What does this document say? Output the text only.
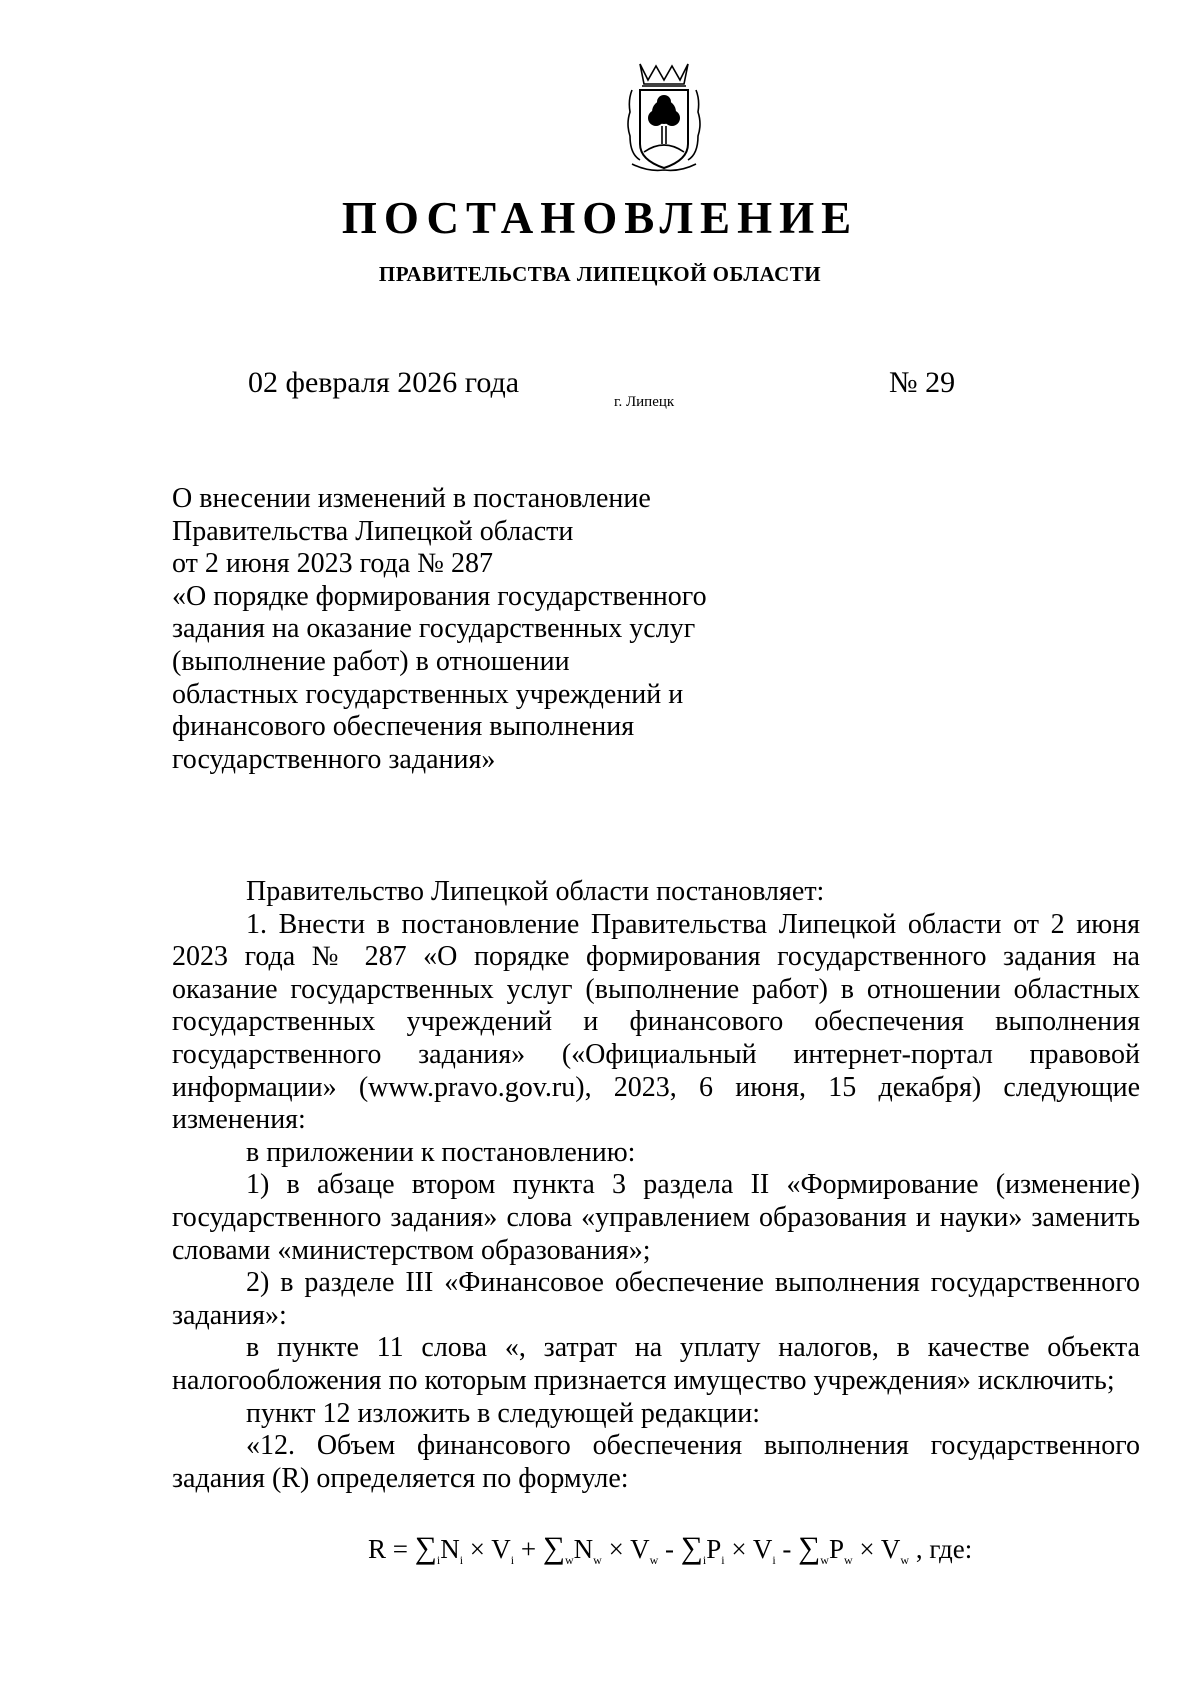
ПОСТАНОВЛЕНИЕ
ПРАВИТЕЛЬСТВА ЛИПЕЦКОЙ ОБЛАСТИ
02 февраля 2026 года
г. Липецк
№ 29
О внесении изменений в постановление
Правительства Липецкой области
от 2 июня 2023 года № 287
«О порядке формирования государственного
задания на оказание государственных услуг
(выполнение работ) в отношении
областных государственных учреждений и
финансового обеспечения выполнения
государственного задания»

Правительство Липецкой области постановляет:

1. Внести в постановление Правительства Липецкой области от 2 июня 2023 года № 287 «О порядке формирования государственного задания на оказание государственных услуг (выполнение работ) в отношении областных государственных учреждений и финансового обеспечения выполнения государственного задания» («Официальный интернет-портал правовой информации» (www.pravo.gov.ru), 2023, 6 июня, 15 декабря) следующие изменения:

в приложении к постановлению:

1) в абзаце втором пункта 3 раздела II «Формирование (изменение) государственного задания» слова «управлением образования и науки» заменить словами «министерством образования»;

2) в разделе III «Финансовое обеспечение выполнения государственного задания»:

в пункте 11 слова «, затрат на уплату налогов, в качестве объекта налогообложения по которым признается имущество учреждения» исключить;

пункт 12 изложить в следующей редакции:

«12. Объем финансового обеспечения выполнения государственного задания (R) определяется по формуле:

$R = \sum_iN_i \times V_i + \sum_wN_w \times V_w - \sum_iP_i \times V_i - \sum_wP_w \times V_w$ , где:
